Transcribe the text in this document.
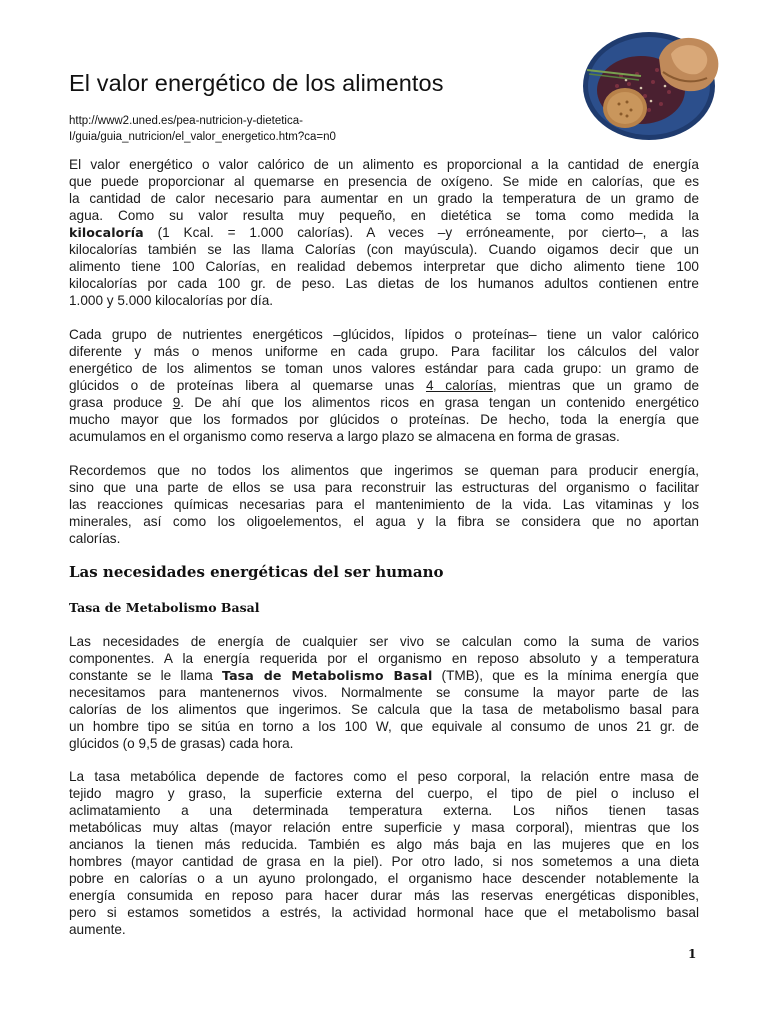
El valor energético de los alimentos
http://www2.uned.es/pea-nutricion-y-dietetica-
I/guia/guia_nutricion/el_valor_energetico.htm?ca=n0
El valor energético o valor calórico de un alimento es proporcional a la cantidad de energía
que puede proporcionar al quemarse en presencia de oxígeno. Se mide en calorías, que es
la cantidad de calor necesario para aumentar en un grado la temperatura de un gramo de
agua. Como su valor resulta muy pequeño, en dietética se toma como medida la
kilocaloría (1 Kcal. = 1.000 calorías). A veces –y erróneamente, por cierto–, a las
kilocalorías también se las llama Calorías (con mayúscula). Cuando oigamos decir que un
alimento tiene 100 Calorías, en realidad debemos interpretar que dicho alimento tiene 100
kilocalorías por cada 100 gr. de peso. Las dietas de los humanos adultos contienen entre
1.000 y 5.000 kilocalorías por día.
Cada grupo de nutrientes energéticos –glúcidos, lípidos o proteínas– tiene un valor calórico
diferente y más o menos uniforme en cada grupo. Para facilitar los cálculos del valor
energético de los alimentos se toman unos valores estándar para cada grupo: un gramo de
glúcidos o de proteínas libera al quemarse unas 4 calorías, mientras que un gramo de
grasa produce 9. De ahí que los alimentos ricos en grasa tengan un contenido energético
mucho mayor que los formados por glúcidos o proteínas. De hecho, toda la energía que
acumulamos en el organismo como reserva a largo plazo se almacena en forma de grasas.
Recordemos que no todos los alimentos que ingerimos se queman para producir energía,
sino que una parte de ellos se usa para reconstruir las estructuras del organismo o facilitar
las reacciones químicas necesarias para el mantenimiento de la vida. Las vitaminas y los
minerales, así como los oligoelementos, el agua y la fibra se considera que no aportan
calorías.
Las necesidades energéticas del ser humano
Tasa de Metabolismo Basal
Las necesidades de energía de cualquier ser vivo se calculan como la suma de varios
componentes. A la energía requerida por el organismo en reposo absoluto y a temperatura
constante se le llama Tasa de Metabolismo Basal (TMB), que es la mínima energía que
necesitamos para mantenernos vivos. Normalmente se consume la mayor parte de las
calorías de los alimentos que ingerimos. Se calcula que la tasa de metabolismo basal para
un hombre tipo se sitúa en torno a los 100 W, que equivale al consumo de unos 21 gr. de
glúcidos (o 9,5 de grasas) cada hora.
La tasa metabólica depende de factores como el peso corporal, la relación entre masa de
tejido magro y graso, la superficie externa del cuerpo, el tipo de piel o incluso el
aclimatamiento a una determinada temperatura externa. Los niños tienen tasas
metabólicas muy altas (mayor relación entre superficie y masa corporal), mientras que los
ancianos la tienen más reducida. También es algo más baja en las mujeres que en los
hombres (mayor cantidad de grasa en la piel). Por otro lado, si nos sometemos a una dieta
pobre en calorías o a un ayuno prolongado, el organismo hace descender notablemente la
energía consumida en reposo para hacer durar más las reservas energéticas disponibles,
pero si estamos sometidos a estrés, la actividad hormonal hace que el metabolismo basal
aumente.
1
